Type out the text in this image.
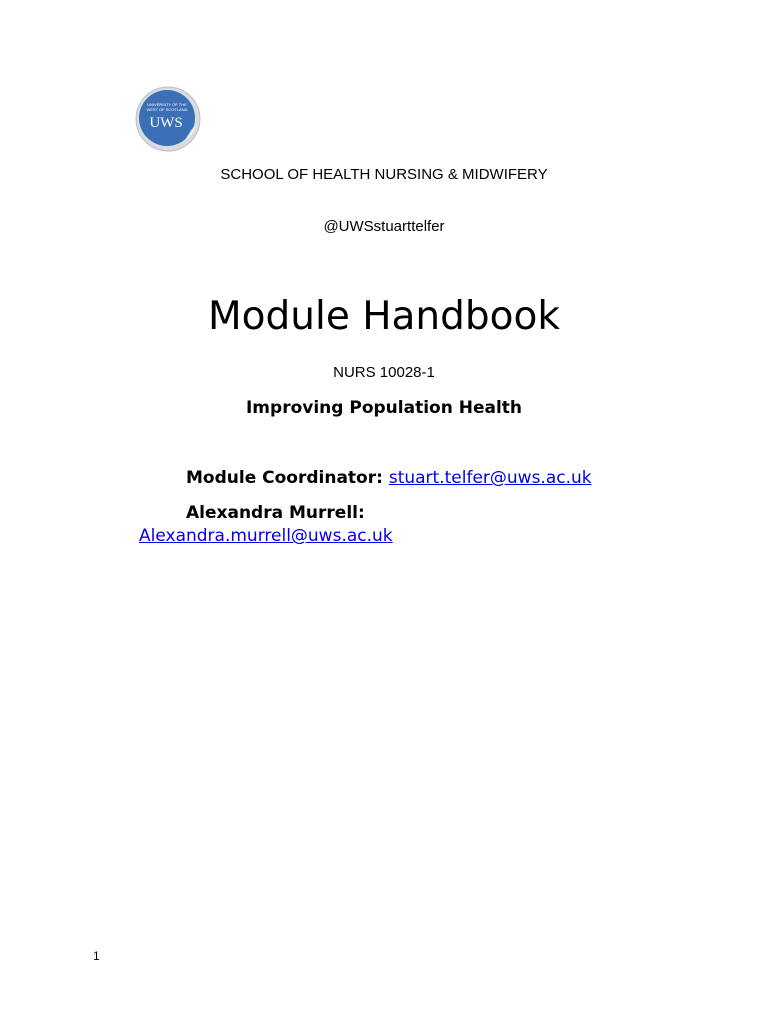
UNIVERSITY OF THE
WEST OF SCOTLAND
UWS
SCHOOL OF HEALTH NURSING & MIDWIFERY
@UWSstuarttelfer
Module Handbook
NURS 10028-1
Improving Population Health
Module Coordinator: stuart.telfer@uws.ac.uk
Alexandra Murrell:
Alexandra.murrell@uws.ac.uk
1
